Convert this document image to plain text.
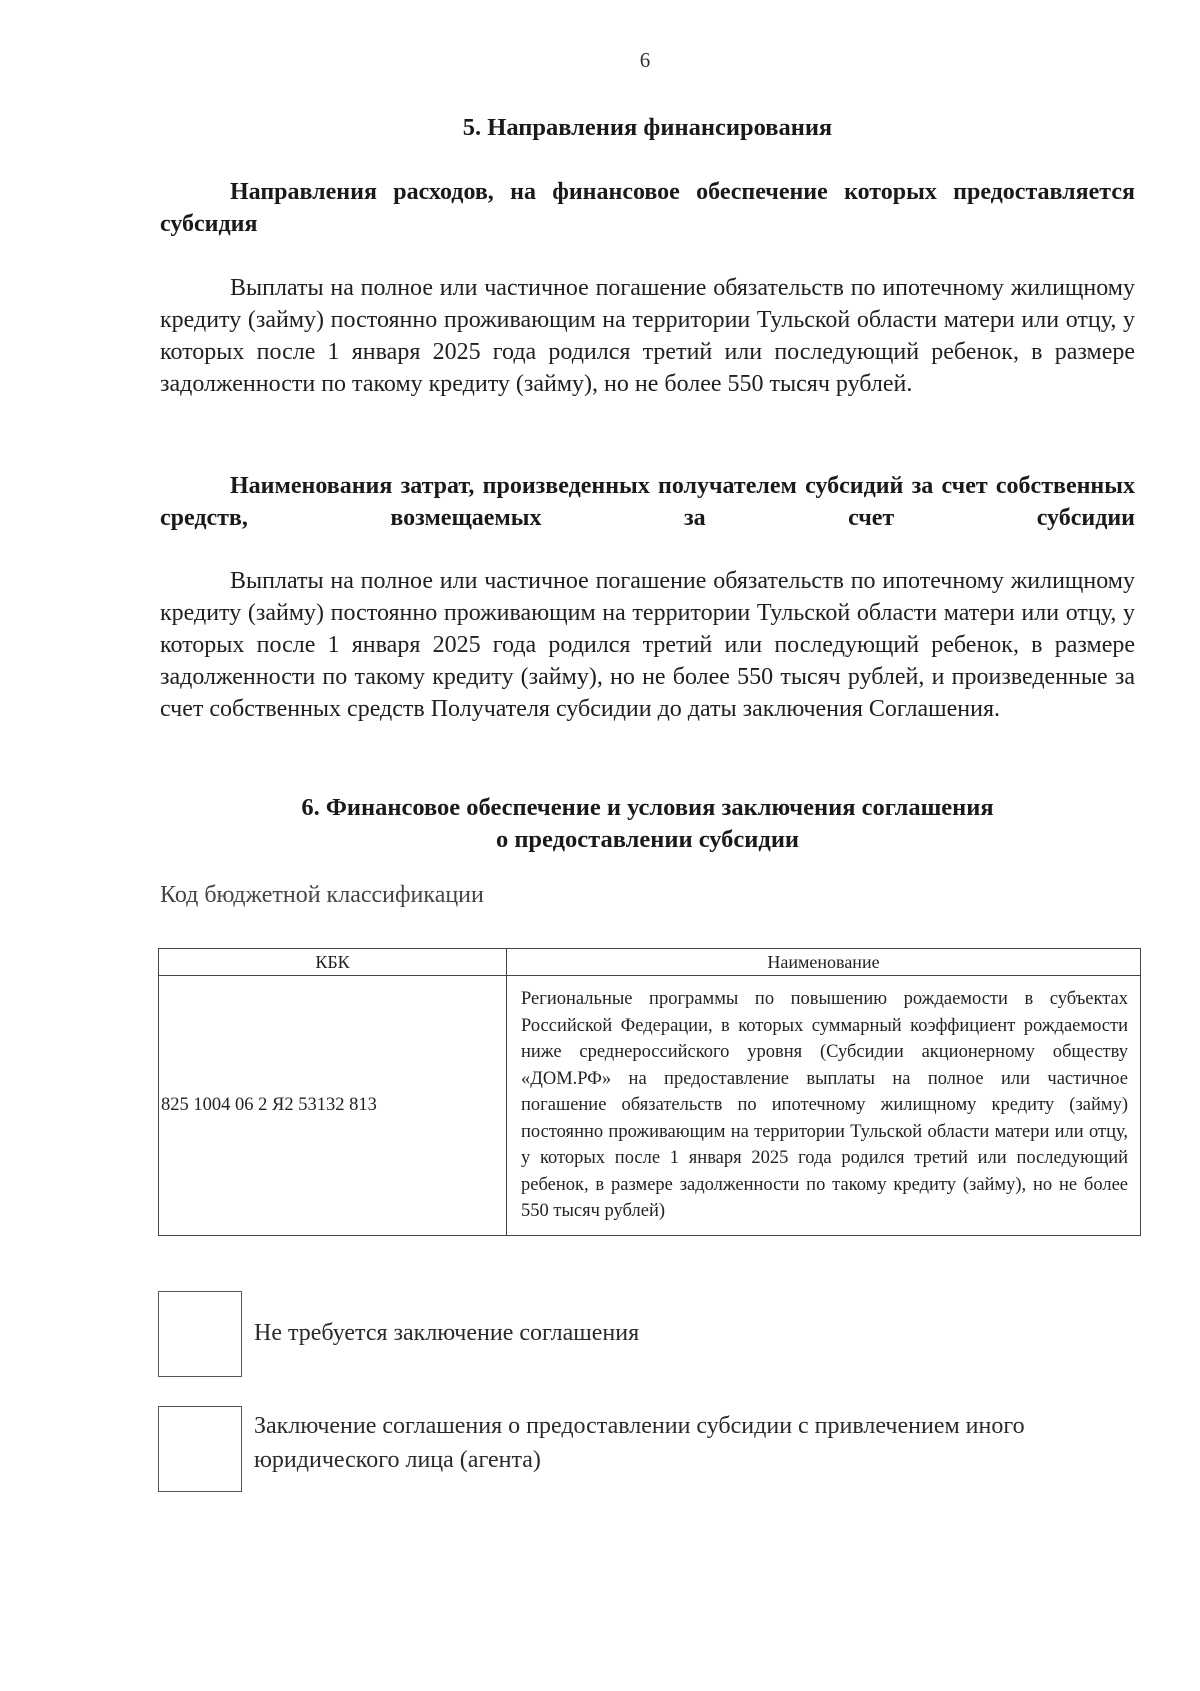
6
5. Направления финансирования
Направления расходов, на финансовое обеспечение которых предоставляется субсидия
Выплаты на полное или частичное погашение обязательств по ипотечному жилищному кредиту (займу) постоянно проживающим на территории Тульской области матери или отцу, у которых после 1 января 2025 года родился третий или последующий ребенок, в размере задолженности по такому кредиту (займу), но не более 550 тысяч рублей.
Наименования затрат, произведенных получателем субсидий за счет собственных средств, возмещаемых за счет субсидии
Выплаты на полное или частичное погашение обязательств по ипотечному жилищному кредиту (займу) постоянно проживающим на территории Тульской области матери или отцу, у которых после 1 января 2025 года родился третий или последующий ребенок, в размере задолженности по такому кредиту (займу), но не более 550 тысяч рублей, и произведенные за счет собственных средств Получателя субсидии до даты заключения Соглашения.
6. Финансовое обеспечение и условия заключения соглашения
о предоставлении субсидии
Код бюджетной классификации
КБК	Наименование
825 1004 06 2 Я2 53132 813	Региональные программы по повышению рождаемости в субъектах Российской Федерации, в которых суммарный коэффициент рождаемости ниже среднероссийского уровня (Субсидии акционерному обществу «ДОМ.РФ» на предоставление выплаты на полное или частичное погашение обязательств по ипотечному жилищному кредиту (займу) постоянно проживающим на территории Тульской области матери или отцу, у которых после 1 января 2025 года родился третий или последующий ребенок, в размере задолженности по такому кредиту (займу), но не более 550 тысяч рублей)
Не требуется заключение соглашения
Заключение соглашения о предоставлении субсидии с привлечением иного юридического лица (агента)
